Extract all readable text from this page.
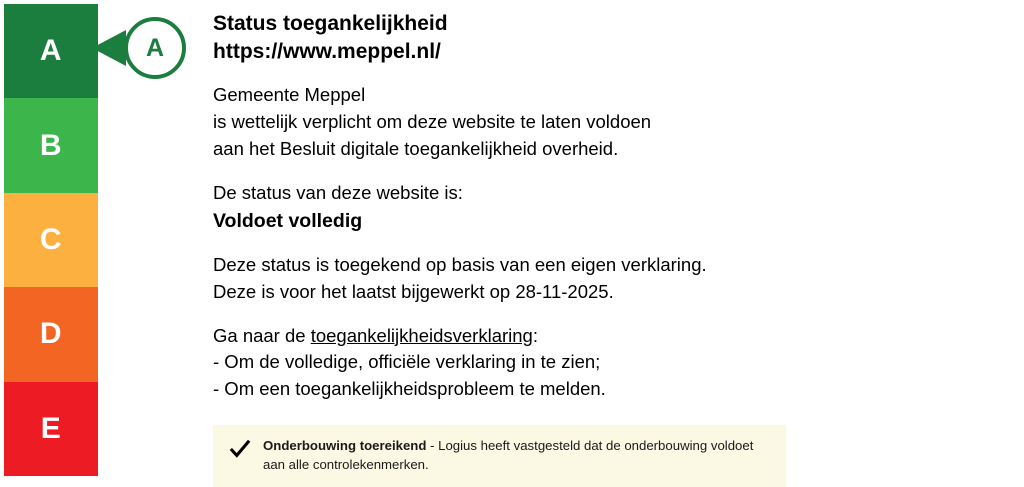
A
B
C
D
E
A
Status toegankelijkheid
https://www.meppel.nl/

Gemeente Meppel
is wettelijk verplicht om deze website te laten voldoen
aan het Besluit digitale toegankelijkheid overheid.

De status van deze website is:

Voldoet volledig

Deze status is toegekend op basis van een eigen verklaring.
Deze is voor het laatst bijgewerkt op 28-11-2025.

Ga naar de toegankelijkheidsverklaring:
- Om de volledige, officiële verklaring in te zien;
- Om een toegankelijkheidsprobleem te melden.

Onderbouwing toereikend - Logius heeft vastgesteld dat de onderbouwing voldoet aan alle controlekenmerken.
